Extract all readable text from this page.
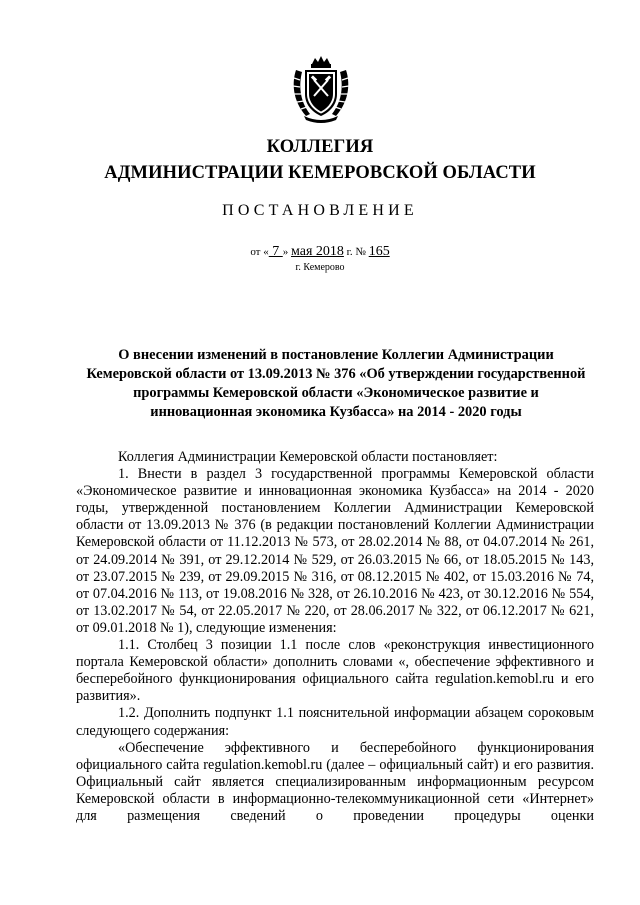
КОЛЛЕГИЯ
АДМИНИСТРАЦИИ КЕМЕРОВСКОЙ ОБЛАСТИ
ПОСТАНОВЛЕНИЕ
от « 7 » мая 2018 г. № 165
г. Кемерово
О внесении изменений в постановление Коллегии Администрации Кемеровской области от 13.09.2013 № 376 «Об утверждении государственной программы Кемеровской области «Экономическое развитие и инновационная экономика Кузбасса» на 2014 - 2020 годы

Коллегия Администрации Кемеровской области постановляет:

1. Внести в раздел 3 государственной программы Кемеровской области «Экономическое развитие и инновационная экономика Кузбасса» на 2014 - 2020 годы, утвержденной постановлением Коллегии Администрации Кемеровской области от 13.09.2013 № 376 (в редакции постановлений Коллегии Администрации Кемеровской области от 11.12.2013 № 573, от 28.02.2014 № 88, от 04.07.2014 № 261, от 24.09.2014 № 391, от 29.12.2014 № 529, от 26.03.2015 № 66, от 18.05.2015 № 143, от 23.07.2015 № 239, от 29.09.2015 № 316, от 08.12.2015 № 402, от 15.03.2016 № 74, от 07.04.2016 № 113, от 19.08.2016 № 328, от 26.10.2016 № 423, от 30.12.2016 № 554, от 13.02.2017 № 54, от 22.05.2017 № 220, от 28.06.2017 № 322, от 06.12.2017 № 621, от 09.01.2018 № 1), следующие изменения:

1.1. Столбец 3 позиции 1.1 после слов «реконструкция инвестиционного портала Кемеровской области» дополнить словами «, обеспечение эффективного и бесперебойного функционирования официального сайта regulation.kemobl.ru и его развития».

1.2. Дополнить подпункт 1.1 пояснительной информации абзацем сороковым следующего содержания:

«Обеспечение эффективного и бесперебойного функционирования официального сайта regulation.kemobl.ru (далее – официальный сайт) и его развития. Официальный сайт является специализированным информационным ресурсом Кемеровской области в информационно-телекоммуникационной сети «Интернет» для размещения сведений о проведении процедуры оценки
